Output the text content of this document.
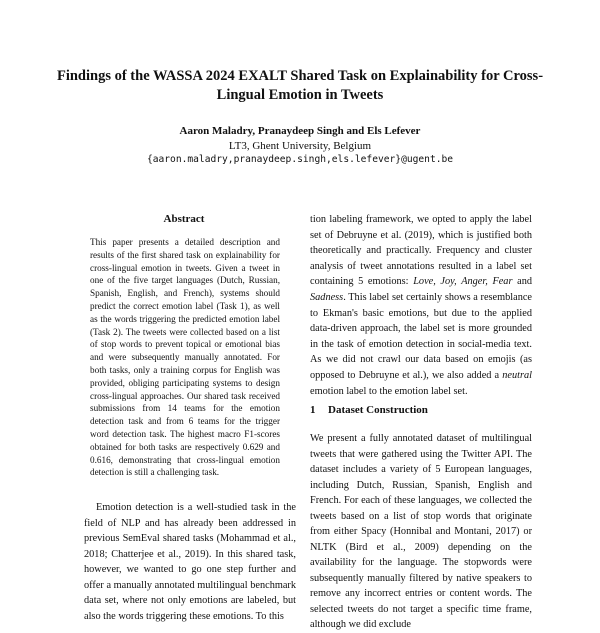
Findings of the WASSA 2024 EXALT Shared Task on Explainability for Cross-Lingual Emotion in Tweets
Aaron Maladry, Pranaydeep Singh and Els Lefever
LT3, Ghent University, Belgium
{aaron.maladry,pranaydeep.singh,els.lefever}@ugent.be
Abstract

This paper presents a detailed description and results of the first shared task on explainability for cross-lingual emotion in tweets. Given a tweet in one of the five target languages (Dutch, Russian, Spanish, English, and French), systems should predict the correct emotion label (Task 1), as well as the words triggering the predicted emotion label (Task 2). The tweets were collected based on a list of stop words to prevent topical or emotional bias and were subsequently manually annotated. For both tasks, only a training corpus for English was provided, obliging participating systems to design cross-lingual approaches. Our shared task received submissions from 14 teams for the emotion detection task and from 6 teams for the trigger word detection task. The highest macro F1-scores obtained for both tasks are respectively 0.629 and 0.616, demonstrating that cross-lingual emotion detection is still a challenging task.

Emotion detection is a well-studied task in the field of NLP and has already been addressed in previous SemEval shared tasks (Mohammad et al., 2018; Chatterjee et al., 2019). In this shared task, however, we wanted to go one step further and offer a manually annotated multilingual benchmark data set, where not only emotions are labeled, but also the words triggering these emotions. To this

tion labeling framework, we opted to apply the label set of Debruyne et al. (2019), which is justified both theoretically and practically. Frequency and cluster analysis of tweet annotations resulted in a label set containing 5 emotions: Love, Joy, Anger, Fear and Sadness. This label set certainly shows a resemblance to Ekman's basic emotions, but due to the applied data-driven approach, the label set is more grounded in the task of emotion detection in social-media text. As we did not crawl our data based on emojis (as opposed to Debruyne et al.), we also added a neutral emotion label to the emotion label set.

1 Dataset Construction

We present a fully annotated dataset of multilingual tweets that were gathered using the Twitter API. The dataset includes a variety of 5 European languages, including Dutch, Russian, Spanish, English and French. For each of these languages, we collected the tweets based on a list of stop words that originate from either Spacy (Honnibal and Montani, 2017) or NLTK (Bird et al., 2009) depending on the availability for the language. The stopwords were subsequently manually filtered by native speakers to remove any incorrect entries or content words. The selected tweets do not target a specific time frame, although we did exclude
